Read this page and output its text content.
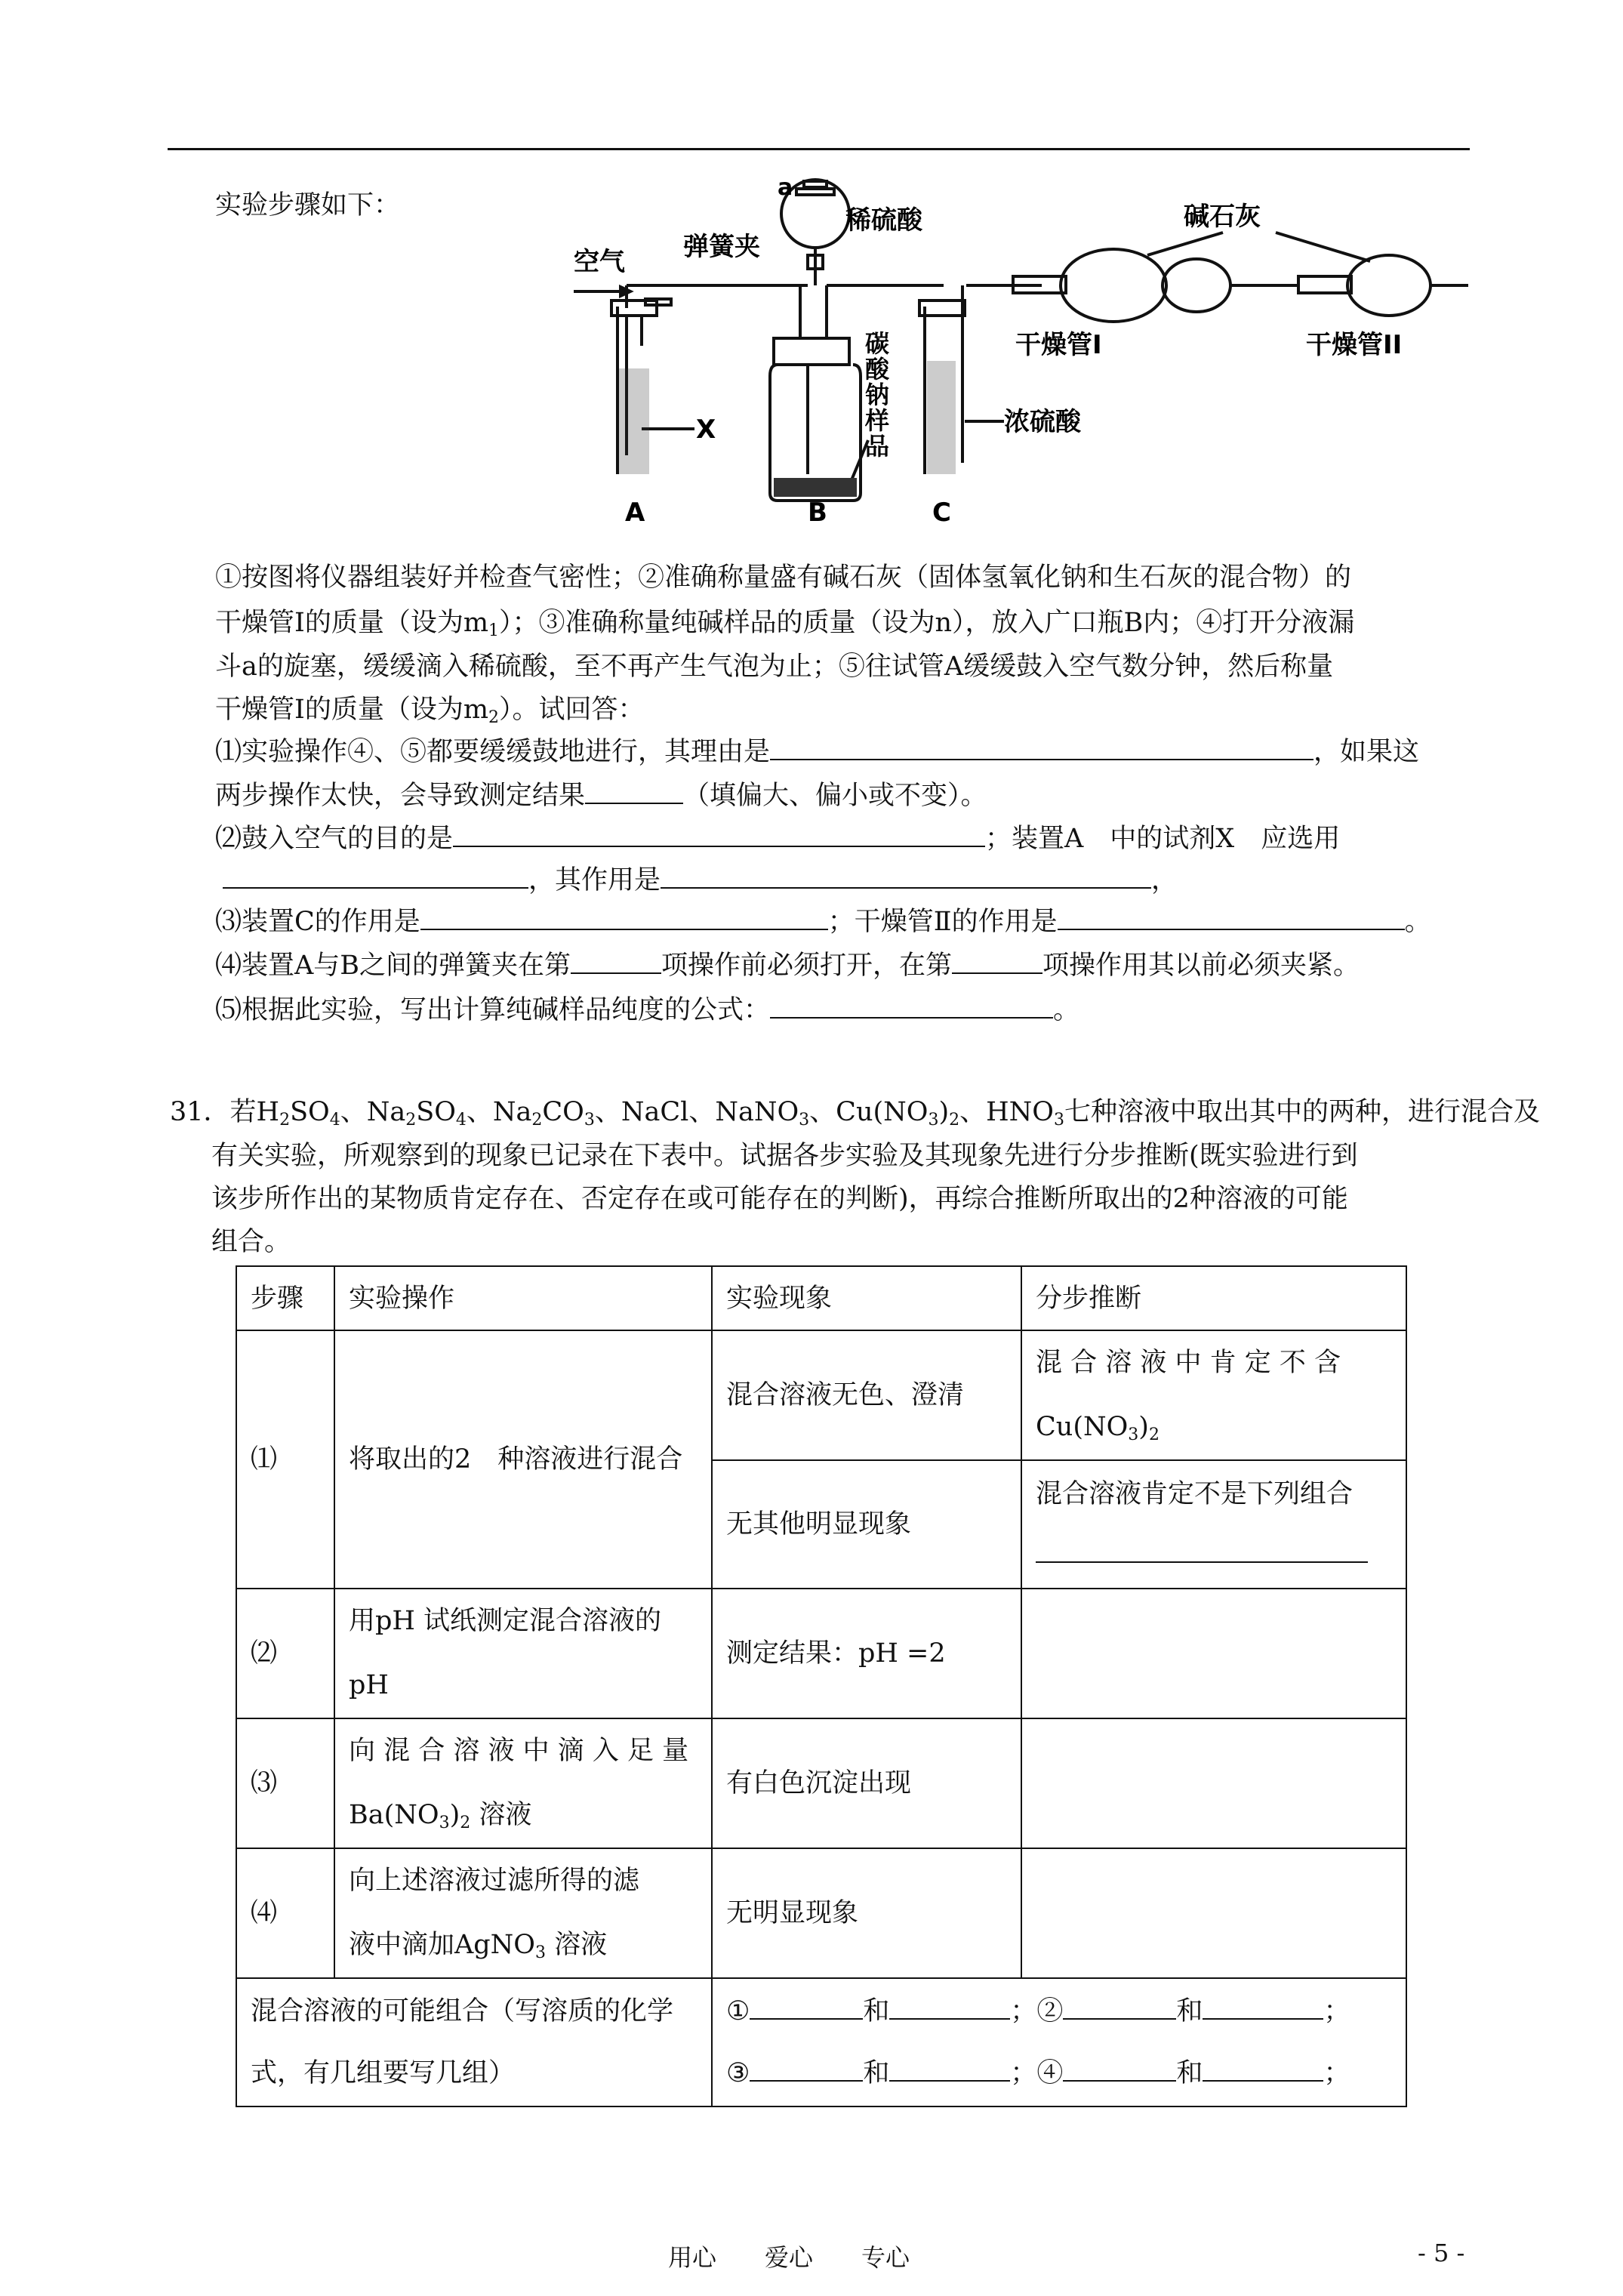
实验步骤如下：
a
稀硫酸	碱石灰
空气 弹簧夹
干燥管I	干燥管II
X	浓硫酸
碳酸钠样品
A	B	C
①按图将仪器组装好并检查气密性；②准确称量盛有碱石灰（固体氢氧化钠和生石灰的混合物）的
干燥管Ⅰ的质量（设为$m_1$）；③准确称量纯碱样品的质量（设为n），放入广口瓶B内；④打开分液漏
斗a的旋塞，缓缓滴入稀硫酸，至不再产生气泡为止；⑤往试管A缓缓鼓入空气数分钟，然后称量
干燥管Ⅰ的质量（设为$m_2$）。试回答：
⑴实验操作④、⑤都要缓缓鼓地进行，其理由是	，如果这
两步操作太快，会导致测定结果	（填偏大、偏小或不变）。
⑵鼓入空气的目的是	；装置A　中的试剂X　应选用
，其作用是	，
⑶装置C的作用是	；干燥管Ⅱ的作用是	。
⑷装置A与B之间的弹簧夹在第	项操作前必须打开，在第	项操作用其以前必须夹紧。
⑸根据此实验，写出计算纯碱样品纯度的公式：	。
31．若$H_2SO_4$、$Na_2SO_4$、$Na_2CO_3$、NaCl、NaNO$_3$、$Cu(NO_3)_2$、$HNO_3$七种溶液中取出其中的两种，进行混合及
有关实验，所观察到的现象已记录在下表中。试据各步实验及其现象先进行分步推断(既实验进行到
该步所作出的某物质肯定存在、否定存在或可能存在的判断)，再综合推断所取出的2种溶液的可能
组合。
步骤	实验操作	实验现象	分步推断
⑴	将取出的2　种溶液进行混合	混合溶液无色、澄清	混 合 溶 液 中 肯 定 不 含
$Cu(NO_3)_2$

		无其他明显现象	混合溶液肯定不是下列组合

⑵	用pH 试纸测定混合溶液的pH	测定结果：pH =2	
⑶	向 混 合 溶 液 中 滴 入 足 量
$Ba(NO_3)_2$ 溶液	有白色沉淀出现	
⑷	向上述溶液过滤所得的滤
液中滴加AgNO$_3$ 溶液	无明显现象	
混合溶液的可能组合（写溶质的化学式，有几组要写几组）		① 和 ；② 和 ；
③ 和 ；④ 和 ；	
用心　　爱心　　专心	- 5 -
